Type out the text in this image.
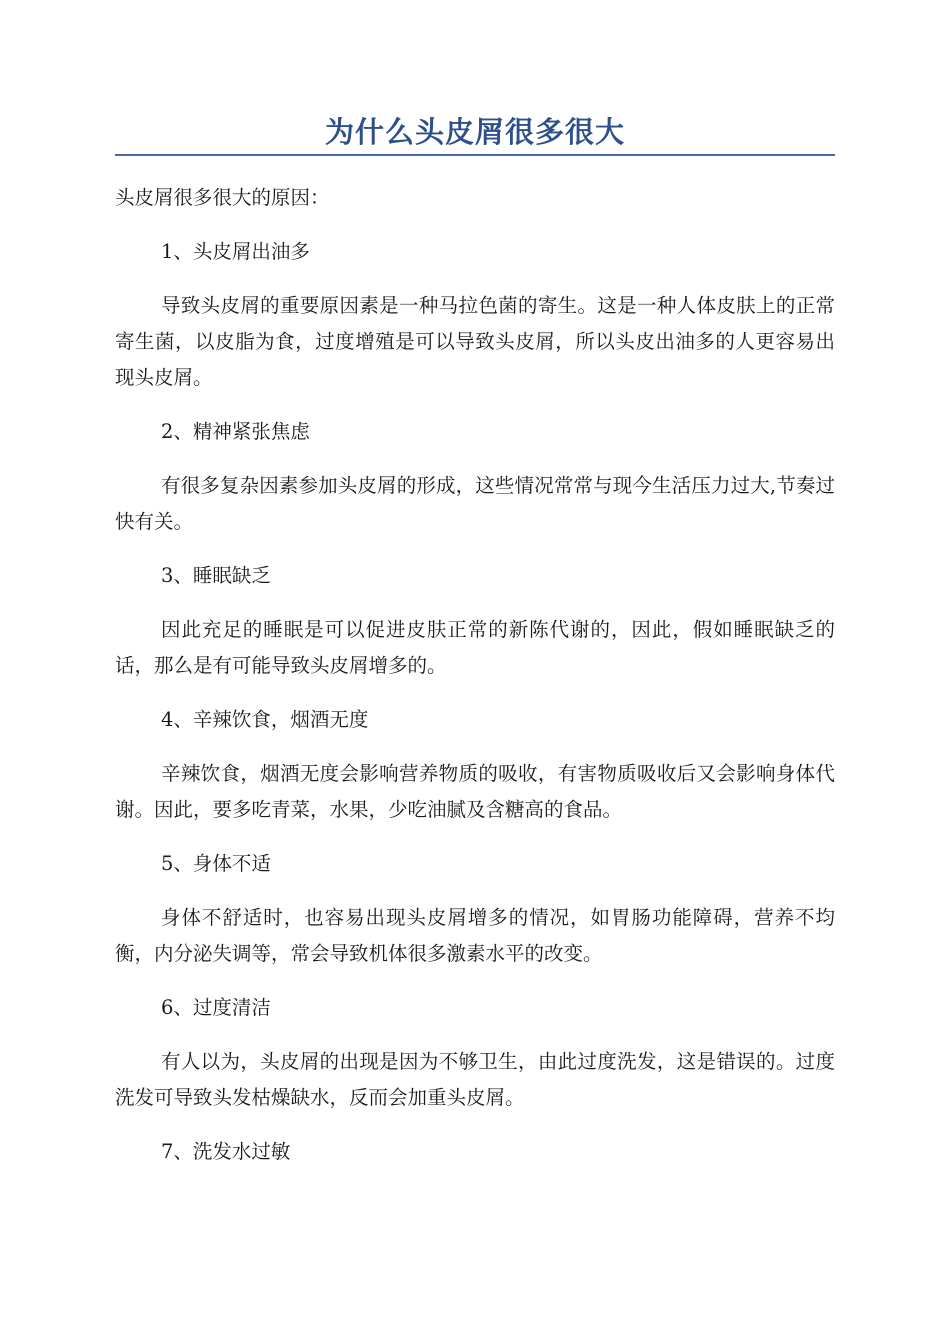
为什么头皮屑很多很大

头皮屑很多很大的原因：

1、头皮屑出油多

导致头皮屑的重要原因素是一种马拉色菌的寄生。这是一种人体皮肤上的正常寄生菌，以皮脂为食，过度增殖是可以导致头皮屑，所以头皮出油多的人更容易出现头皮屑。

2、精神紧张焦虑

有很多复杂因素参加头皮屑的形成，这些情况常常与现今生活压力过大,节奏过快有关。

3、睡眠缺乏

因此充足的睡眠是可以促进皮肤正常的新陈代谢的，因此，假如睡眠缺乏的话，那么是有可能导致头皮屑增多的。

4、辛辣饮食，烟酒无度

辛辣饮食，烟酒无度会影响营养物质的吸收，有害物质吸收后又会影响身体代谢。因此，要多吃青菜，水果，少吃油腻及含糖高的食品。

5、身体不适

身体不舒适时，也容易出现头皮屑增多的情况，如胃肠功能障碍，营养不均衡，内分泌失调等，常会导致机体很多激素水平的改变。

6、过度清洁

有人以为，头皮屑的出现是因为不够卫生，由此过度洗发，这是错误的。过度洗发可导致头发枯燥缺水，反而会加重头皮屑。

7、洗发水过敏
